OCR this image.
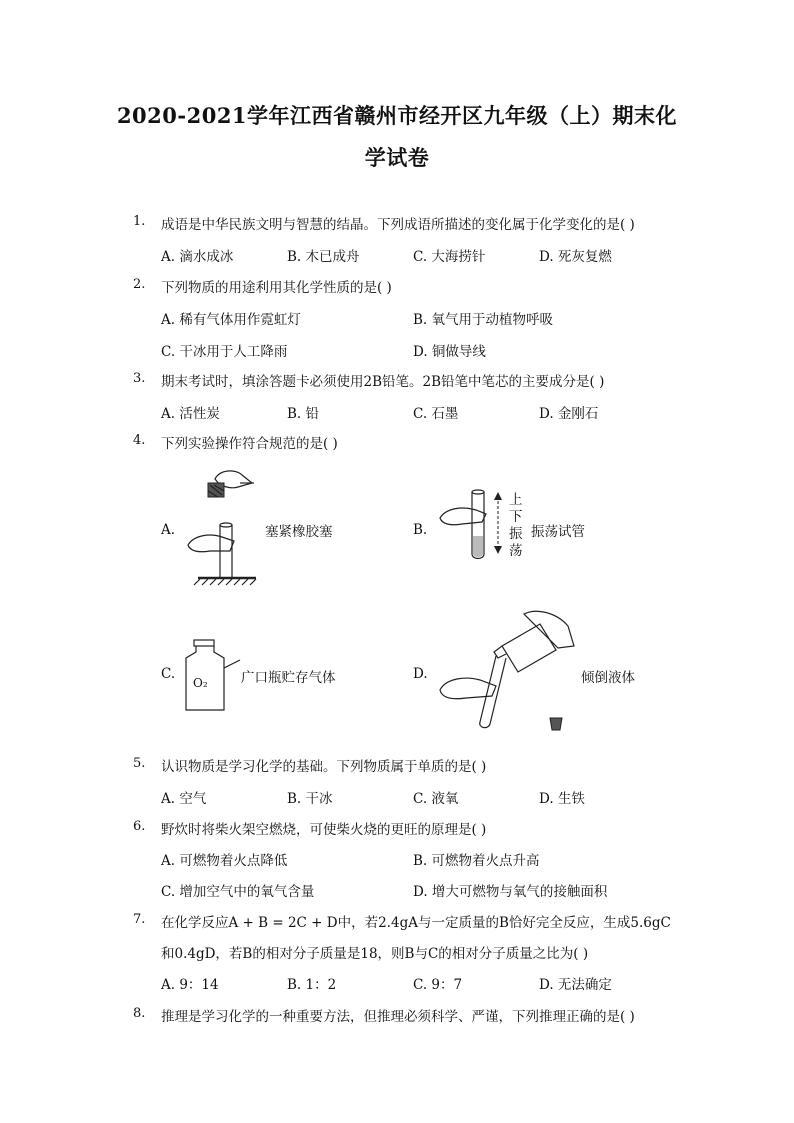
2020-2021学年江西省赣州市经开区九年级（上）期末化
学试卷
1. 成语是中华民族文明与智慧的结晶。下列成语所描述的变化属于化学变化的是( )
A. 滴水成冰	B. 木已成舟	C. 大海捞针	D. 死灰复燃
2. 下列物质的用途利用其化学性质的是( )
A. 稀有气体用作霓虹灯	B. 氧气用于动植物呼吸
C. 干冰用于人工降雨	D. 铜做导线
3. 期末考试时，填涂答题卡必须使用2B铅笔。2B铅笔中笔芯的主要成分是( )
A. 活性炭	B. 铅	C. 石墨	D. 金刚石
4. 下列实验操作符合规范的是( )
A.	塞紧橡胶塞	B.
上
下
振
荡
振荡试管
C.
O₂ 广口瓶贮存气体	D.	倾倒液体
5. 认识物质是学习化学的基础。下列物质属于单质的是( )
A. 空气	B. 干冰	C. 液氧	D. 生铁
6. 野炊时将柴火架空燃烧，可使柴火烧的更旺的原理是( )
A. 可燃物着火点降低	B. 可燃物着火点升高
C. 增加空气中的氧气含量	D. 增大可燃物与氧气的接触面积
7. 在化学反应A + B = 2C + D中，若2.4gA与一定质量的B恰好完全反应，生成5.6gC
和0.4gD，若B的相对分子质量是18，则B与C的相对分子质量之比为( )
A. 9：14	B. 1：2	C. 9：7	D. 无法确定
8. 推理是学习化学的一种重要方法，但推理必须科学、严谨，下列推理正确的是( )
